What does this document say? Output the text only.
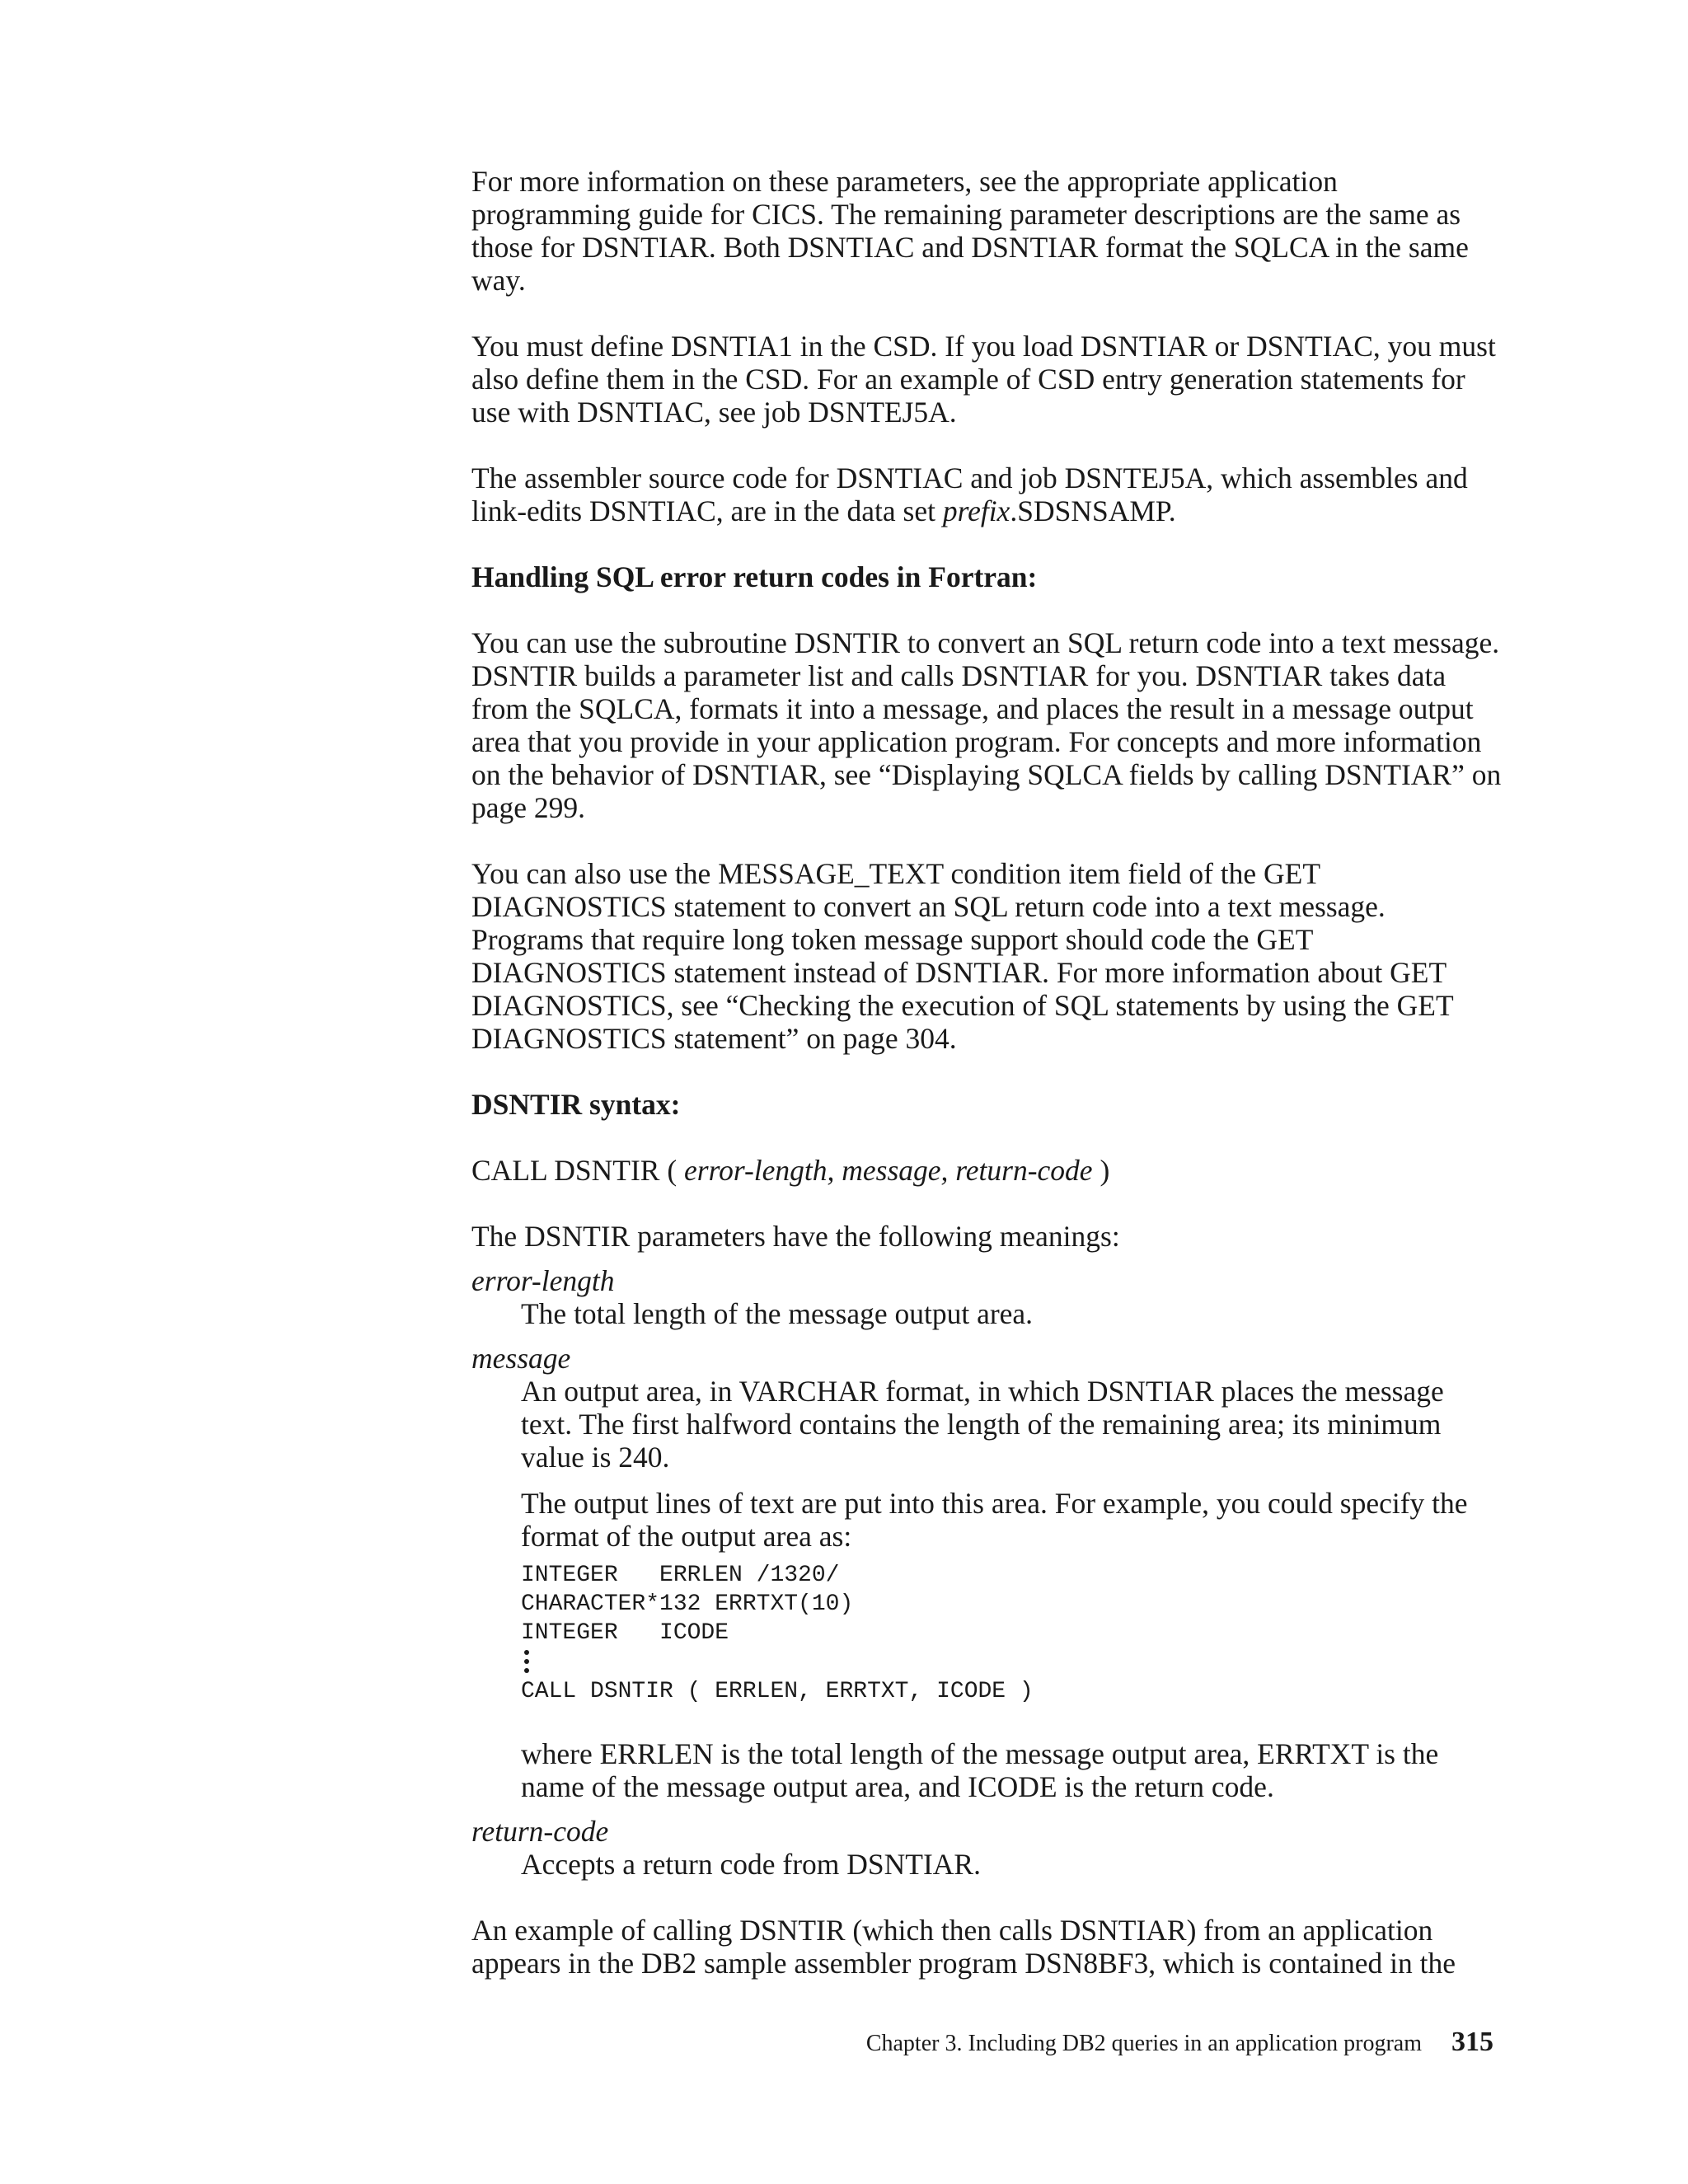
For more information on these parameters, see the appropriate application programming guide for CICS. The remaining parameter descriptions are the same as those for DSNTIAR. Both DSNTIAC and DSNTIAR format the SQLCA in the same way.

You must define DSNTIA1 in the CSD. If you load DSNTIAR or DSNTIAC, you must also define them in the CSD. For an example of CSD entry generation statements for use with DSNTIAC, see job DSNTEJ5A.

The assembler source code for DSNTIAC and job DSNTEJ5A, which assembles and link-edits DSNTIAC, are in the data set prefix.SDSNSAMP.

Handling SQL error return codes in Fortran:

You can use the subroutine DSNTIR to convert an SQL return code into a text message. DSNTIR builds a parameter list and calls DSNTIAR for you. DSNTIAR takes data from the SQLCA, formats it into a message, and places the result in a message output area that you provide in your application program. For concepts and more information on the behavior of DSNTIAR, see “Displaying SQLCA fields by calling DSNTIAR” on page 299.

You can also use the MESSAGE_TEXT condition item field of the GET DIAGNOSTICS statement to convert an SQL return code into a text message. Programs that require long token message support should code the GET DIAGNOSTICS statement instead of DSNTIAR. For more information about GET DIAGNOSTICS, see “Checking the execution of SQL statements by using the GET DIAGNOSTICS statement” on page 304.

DSNTIR syntax:

CALL DSNTIR ( error-length, message, return-code )

The DSNTIR parameters have the following meanings:

error-length

The total length of the message output area.

message

An output area, in VARCHAR format, in which DSNTIAR places the message text. The first halfword contains the length of the remaining area; its minimum value is 240.

The output lines of text are put into this area. For example, you could specify the format of the output area as:

INTEGER   ERRLEN /1320/
CHARACTER*132 ERRTXT(10)
INTEGER   ICODE
CALL DSNTIR ( ERRLEN, ERRTXT, ICODE )

where ERRLEN is the total length of the message output area, ERRTXT is the name of the message output area, and ICODE is the return code.

return-code

Accepts a return code from DSNTIAR.

An example of calling DSNTIR (which then calls DSNTIAR) from an application appears in the DB2 sample assembler program DSN8BF3, which is contained in the

Chapter 3. Including DB2 queries in an application program 315
